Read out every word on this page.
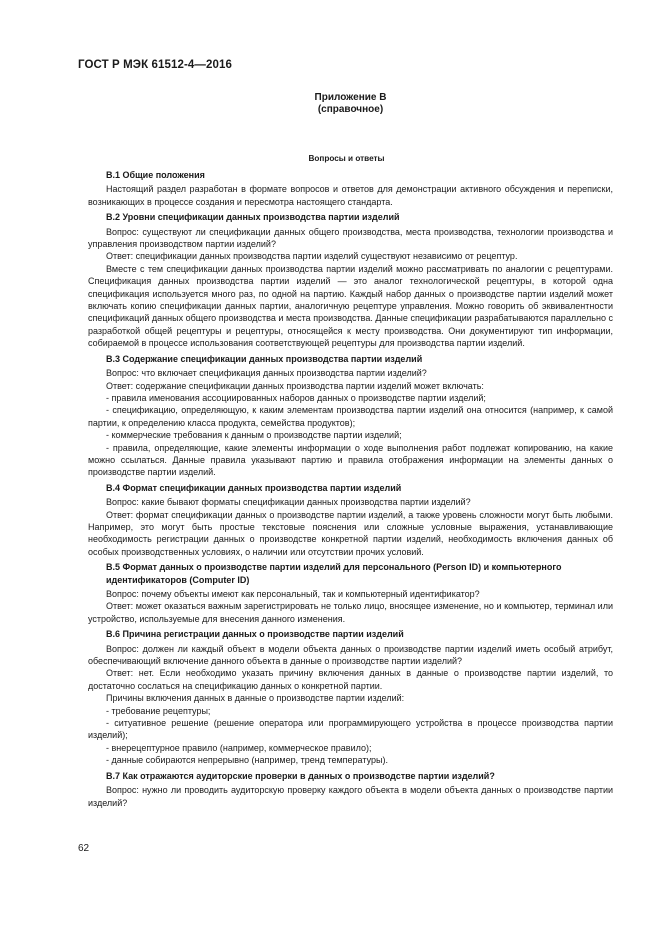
ГОСТ Р МЭК 61512-4—2016
Приложение В
(справочное)
Вопросы и ответы
В.1 Общие положения
Настоящий раздел разработан в формате вопросов и ответов для демонстрации активного обсуждения и переписки, возникающих в процессе создания и пересмотра настоящего стандарта.
В.2 Уровни спецификации данных производства партии изделий
Вопрос: существуют ли спецификации данных общего производства, места производства, технологии производства и управления производством партии изделий?
Ответ: спецификации данных производства партии изделий существуют независимо от рецептур.
Вместе с тем спецификации данных производства партии изделий можно рассматривать по аналогии с рецептурами. Спецификация данных производства партии изделий — это аналог технологической рецептуры, в которой одна спецификация используется много раз, по одной на партию. Каждый набор данных о производстве партии изделий может включать копию спецификации данных партии, аналогичную рецептуре управления. Можно говорить об эквивалентности спецификаций данных общего производства и места производства. Данные спецификации разрабатываются параллельно с разработкой общей рецептуры и рецептуры, относящейся к месту производства. Они документируют тип информации, собираемой в процессе использования соответствующей рецептуры для производства партии изделий.
В.3 Содержание спецификации данных производства партии изделий
Вопрос: что включает спецификация данных производства партии изделий?
Ответ: содержание спецификации данных производства партии изделий может включать:
- правила именования ассоциированных наборов данных о производстве партии изделий;
- спецификацию, определяющую, к каким элементам производства партии изделий она относится (например, к самой партии, к определению класса продукта, семейства продуктов);
- коммерческие требования к данным о производстве партии изделий;
- правила, определяющие, какие элементы информации о ходе выполнения работ подлежат копированию, на какие можно ссылаться. Данные правила указывают партию и правила отображения информации на элементы данных о производстве партии изделий.
В.4 Формат спецификации данных производства партии изделий
Вопрос: какие бывают форматы спецификации данных производства партии изделий?
Ответ: формат спецификации данных о производстве партии изделий, а также уровень сложности могут быть любыми. Например, это могут быть простые текстовые пояснения или сложные условные выражения, устанавливающие необходимость регистрации данных о производстве конкретной партии изделий, необходимость включения данных об особых производственных условиях, о наличии или отсутствии прочих условий.
В.5 Формат данных о производстве партии изделий для персонального (Person ID) и компьютерного идентификаторов (Computer ID)
Вопрос: почему объекты имеют как персональный, так и компьютерный идентификатор?
Ответ: может оказаться важным зарегистрировать не только лицо, вносящее изменение, но и компьютер, терминал или устройство, используемые для внесения данного изменения.
В.6 Причина регистрации данных о производстве партии изделий
Вопрос: должен ли каждый объект в модели объекта данных о производстве партии изделий иметь особый атрибут, обеспечивающий включение данного объекта в данные о производстве партии изделий?
Ответ: нет. Если необходимо указать причину включения данных в данные о производстве партии изделий, то достаточно сослаться на спецификацию данных о конкретной партии.
Причины включения данных в данные о производстве партии изделий:
- требование рецептуры;
- ситуативное решение (решение оператора или программирующего устройства в процессе производства партии изделий);
- внерецептурное правило (например, коммерческое правило);
- данные собираются непрерывно (например, тренд температуры).
В.7 Как отражаются аудиторские проверки в данных о производстве партии изделий?
Вопрос: нужно ли проводить аудиторскую проверку каждого объекта в модели объекта данных о производстве партии изделий?
62
